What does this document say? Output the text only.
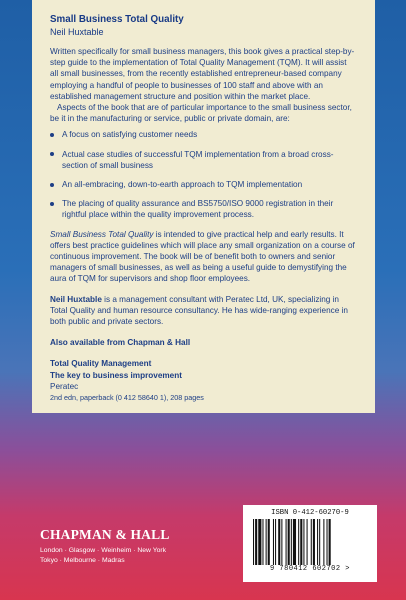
Small Business Total Quality

Neil Huxtable

Written specifically for small business managers, this book gives a practical step-by-step guide to the implementation of Total Quality Management (TQM). It will assist all small businesses, from the recently established entrepreneur-based company employing a handful of people to businesses of 100 staff and above with an established management structure and position within the market place.

Aspects of the book that are of particular importance to the small business sector, be it in the manufacturing or service, public or private domain, are:

A focus on satisfying customer needs
Actual case studies of successful TQM implementation from a broad cross-section of small business
An all-embracing, down-to-earth approach to TQM implementation
The placing of quality assurance and BS5750/ISO 9000 registration in their rightful place within the quality improvement process.

Small Business Total Quality is intended to give practical help and early results. It offers best practice guidelines which will place any small organization on a course of continuous improvement. The book will be of benefit both to owners and senior managers of small businesses, as well as being a useful guide to demystifying the aura of TQM for supervisors and shop floor employees.

Neil Huxtable is a management consultant with Peratec Ltd, UK, specializing in Total Quality and human resource consultancy. He has wide-ranging experience in both public and private sectors.

Also available from Chapman & Hall

Total Quality Management

The key to business improvement

Peratec

2nd edn, paperback (0 412 58640 1), 208 pages

CHAPMAN & HALL
London · Glasgow · Weinheim · New York
Tokyo · Melbourne · Madras
ISBN 0-412-60270-9
9 780412 602702 >
